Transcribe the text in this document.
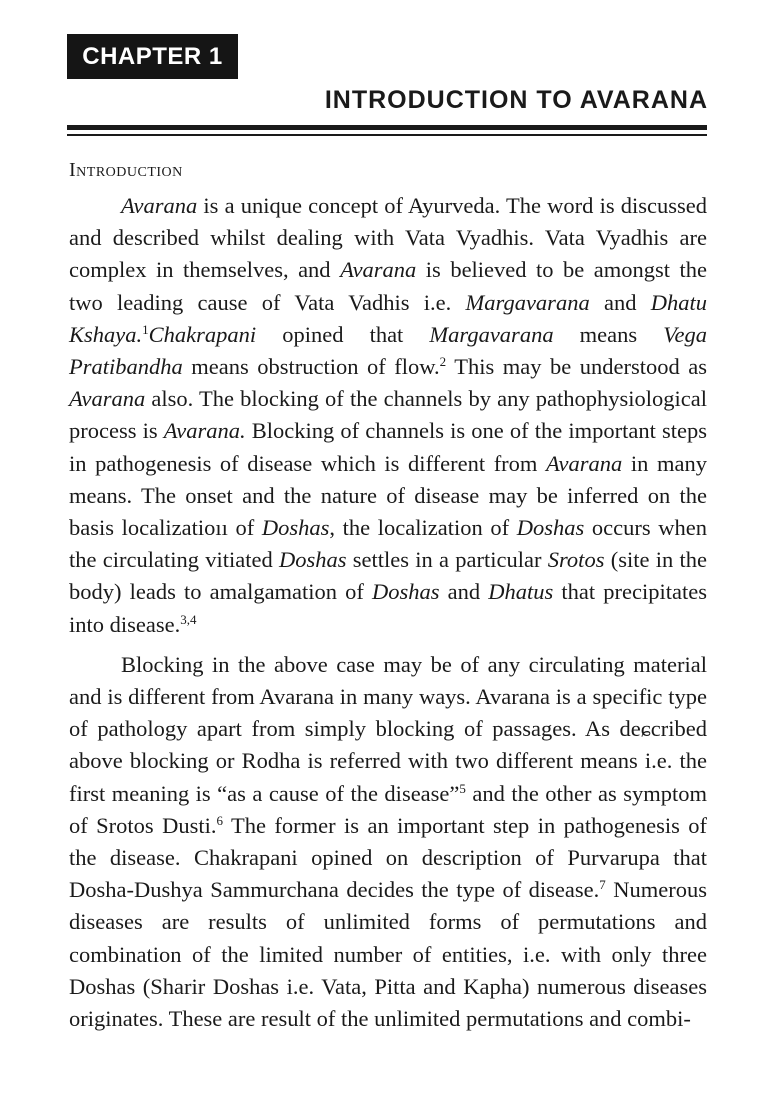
CHAPTER 1
INTRODUCTION TO AVARANA
Introduction

Avarana is a unique concept of Ayurveda. The word is discussed and described whilst dealing with Vata Vyadhis. Vata Vyadhis are complex in themselves, and Avarana is believed to be amongst the two leading cause of Vata Vadhis i.e. Margavarana and Dhatu Kshaya.$^1$Chakrapani opined that Margavarana means Vega Pratibandha means obstruction of flow.$^2$ This may be understood as Avarana also. The blocking of the channels by any pathophysiological process is Avarana. Blocking of channels is one of the important steps in pathogenesis of disease which is different from Avarana in many means. The onset and the nature of disease may be inferred on the basis localizatioıı of Doshas, the localization of Doshas occurs when the circulating vitiated Doshas settles in a particular Srotos (site in the body) leads to amalgamation of Doshas and Dhatus that precipitates into disease.$^{3,4}$

Blocking in the above case may be of any circulating material and is different from Avarana in many ways. Avarana is a specific type of pathology apart from simply blocking of passages. As deɕcribed above blocking or Rodha is referred with two different means i.e. the first meaning is “as a cause of the disease”$^5$ and the other as symptom of Srotos Dusti.$^6$ The former is an important step in pathogenesis of the disease. Chakrapani opined on description of Purvarupa that Dosha-Dushya Sammurchana decides the type of disease.$^7$ Numerous diseases are results of unlimited forms of permutations and combination of the limited number of entities, i.e. with only three Doshas (Sharir Doshas i.e. Vata, Pitta and Kapha) numerous diseases originates. These are result of the unlimited permutations and combi-
